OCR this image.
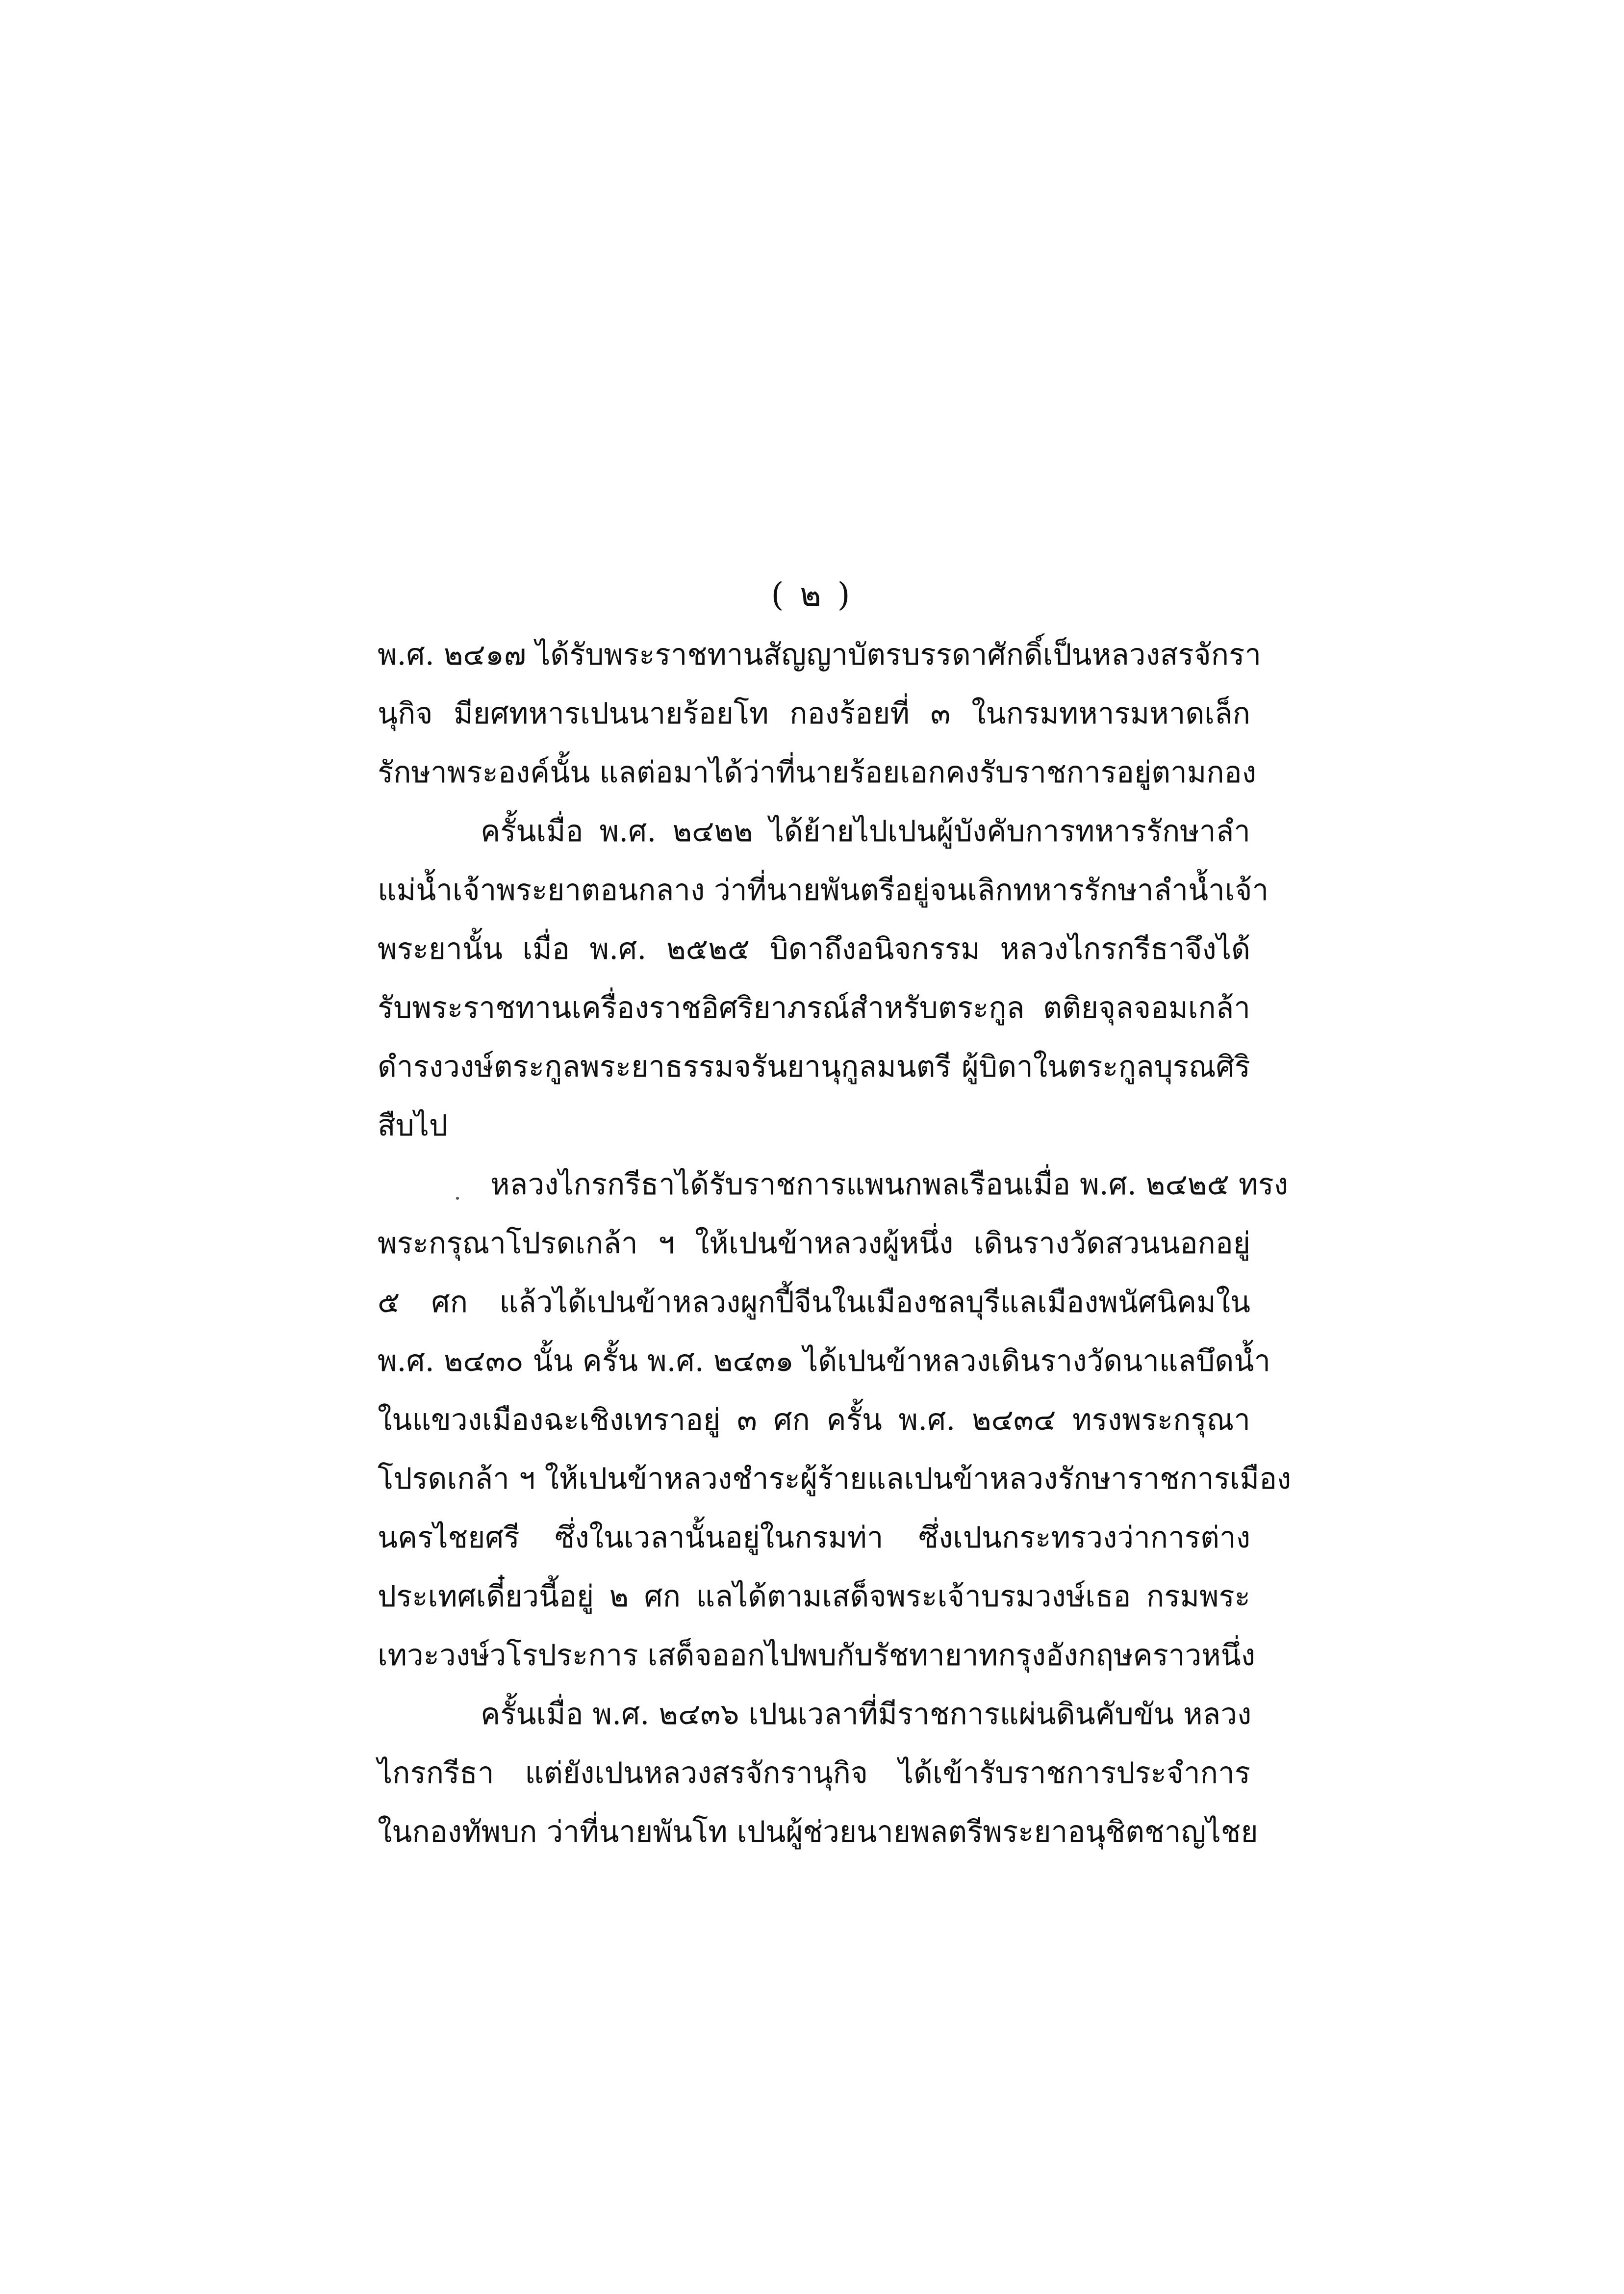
( ๒ )
พ.ศ. ๒๔๑๗ ได้รับพระราชทานสัญญาบัตรบรรดาศักดิ์เป็นหลวงสรจักรา
นุกิจ มียศทหารเปนนายร้อยโท กองร้อยที่ ๓ ในกรมทหารมหาดเล็ก
รักษาพระองค์นั้น แลต่อมาได้ว่าที่นายร้อยเอกคงรับราชการอยู่ตามกอง
ครั้นเมื่อ พ.ศ. ๒๔๒๒ ได้ย้ายไปเปนผู้บังคับการทหารรักษาลำ
แม่น้ำเจ้าพระยาตอนกลาง ว่าที่นายพันตรีอยู่จนเลิกทหารรักษาลำน้ำเจ้า
พระยานั้น เมื่อ พ.ศ. ๒๕๒๕ บิดาถึงอนิจกรรม หลวงไกรกรีธาจึงได้
รับพระราชทานเครื่องราชอิศริยาภรณ์สำหรับตระกูล ตติยจุลจอมเกล้า
ดำรงวงษ์ตระกูลพระยาธรรมจรันยานุกูลมนตรี ผู้บิดาในตระกูลบุรณศิริ
สืบไป
หลวงไกรกรีธาได้รับราชการแพนกพลเรือนเมื่อ พ.ศ. ๒๔๒๕ ทรง
พระกรุณาโปรดเกล้า ฯ ให้เปนข้าหลวงผู้หนึ่ง เดินรางวัดสวนนอกอยู่
๕ ศก แล้วได้เปนข้าหลวงผูกปี้จีนในเมืองชลบุรีแลเมืองพนัศนิคมใน
พ.ศ. ๒๔๓๐ นั้น ครั้น พ.ศ. ๒๔๓๑ ได้เปนข้าหลวงเดินรางวัดนาแลบึดน้ำ
ในแขวงเมืองฉะเชิงเทราอยู่ ๓ ศก ครั้น พ.ศ. ๒๔๓๔ ทรงพระกรุณา
โปรดเกล้า ฯ ให้เปนข้าหลวงชำระผู้ร้ายแลเปนข้าหลวงรักษาราชการเมือง
นครไชยศรี ซึ่งในเวลานั้นอยู่ในกรมท่า ซึ่งเปนกระทรวงว่าการต่าง
ประเทศเดี๋ยวนี้อยู่ ๒ ศก แลได้ตามเสด็จพระเจ้าบรมวงษ์เธอ กรมพระ
เทวะวงษ์วโรประการ เสด็จออกไปพบกับรัชทายาทกรุงอังกฤษคราวหนึ่ง
ครั้นเมื่อ พ.ศ. ๒๔๓๖ เปนเวลาที่มีราชการแผ่นดินคับขัน หลวง
ไกรกรีธา แต่ยังเปนหลวงสรจักรานุกิจ ได้เข้ารับราชการประจำการ
ในกองทัพบก ว่าที่นายพันโท เปนผู้ช่วยนายพลตรีพระยาอนุชิตชาญไชย
